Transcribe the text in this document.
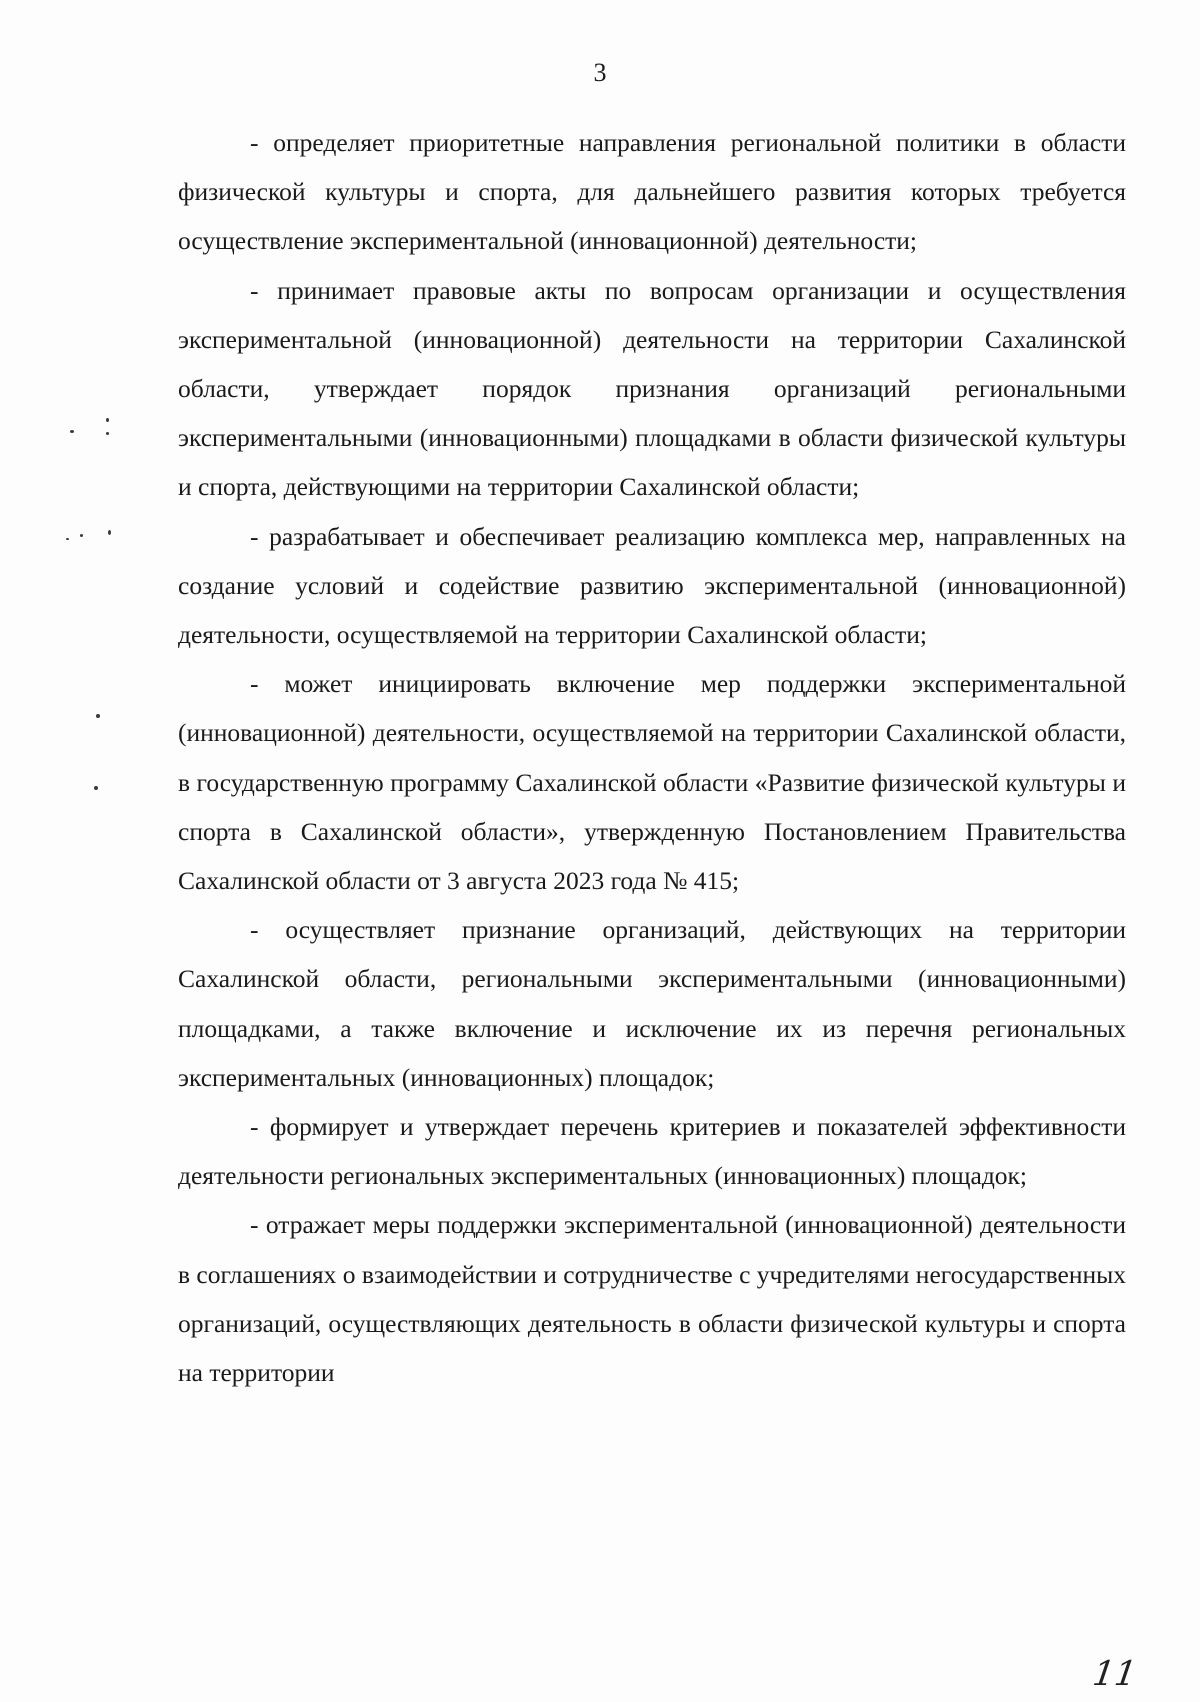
3

- определяет приоритетные направления региональной политики в области физической культуры и спорта, для дальнейшего развития которых требуется осуществление экспериментальной (инновационной) деятельности;

- принимает правовые акты по вопросам организации и осуществления экспериментальной (инновационной) деятельности на территории Сахалинской области, утверждает порядок признания организаций региональными экспериментальными (инновационными) площадками в области физической культуры и спорта, действующими на территории Сахалинской области;

- разрабатывает и обеспечивает реализацию комплекса мер, направленных на создание условий и содействие развитию экспериментальной (инновационной) деятельности, осуществляемой на территории Сахалинской области;

- может инициировать включение мер поддержки экспериментальной (инновационной) деятельности, осуществляемой на территории Сахалинской области, в государственную программу Сахалинской области «Развитие физической культуры и спорта в Сахалинской области», утвержденную Постановлением Правительства Сахалинской области от 3 августа 2023 года № 415;

- осуществляет признание организаций, действующих на территории Сахалинской области, региональными экспериментальными (инновационными) площадками, а также включение и исключение их из перечня региональных экспериментальных (инновационных) площадок;

- формирует и утверждает перечень критериев и показателей эффективности деятельности региональных экспериментальных (инновационных) площадок;

- отражает меры поддержки экспериментальной (инновационной) деятельности в соглашениях о взаимодействии и сотрудничестве с учредителями негосударственных организаций, осуществляющих деятельность в области физической культуры и спорта на территории

11
